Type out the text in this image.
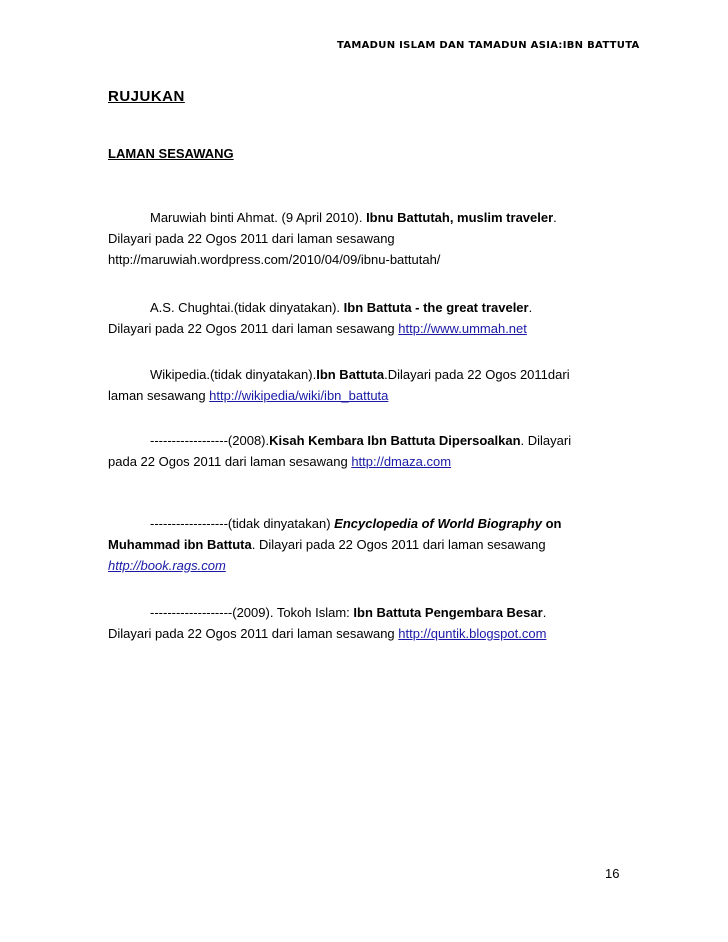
TAMADUN ISLAM DAN TAMADUN ASIA:IBN BATTUTA
RUJUKAN
LAMAN SESAWANG
Maruwiah binti Ahmat. (9 April 2010). Ibnu Battutah, muslim traveler.
Dilayari pada 22 Ogos 2011 dari laman sesawang
http://maruwiah.wordpress.com/2010/04/09/ibnu-battutah/
A.S. Chughtai.(tidak dinyatakan). Ibn Battuta - the great traveler.
Dilayari pada 22 Ogos 2011 dari laman sesawang http://www.ummah.net
Wikipedia.(tidak dinyatakan).Ibn Battuta.Dilayari pada 22 Ogos 2011dari
laman sesawang http://wikipedia/wiki/ibn_battuta
------------------(2008).Kisah Kembara Ibn Battuta Dipersoalkan. Dilayari
pada 22 Ogos 2011 dari laman sesawang http://dmaza.com
------------------(tidak dinyatakan) Encyclopedia of World Biography on
Muhammad ibn Battuta. Dilayari pada 22 Ogos 2011 dari laman sesawang
http://book.rags.com
-------------------(2009). Tokoh Islam: Ibn Battuta Pengembara Besar.
Dilayari pada 22 Ogos 2011 dari laman sesawang http://quntik.blogspot.com
16
